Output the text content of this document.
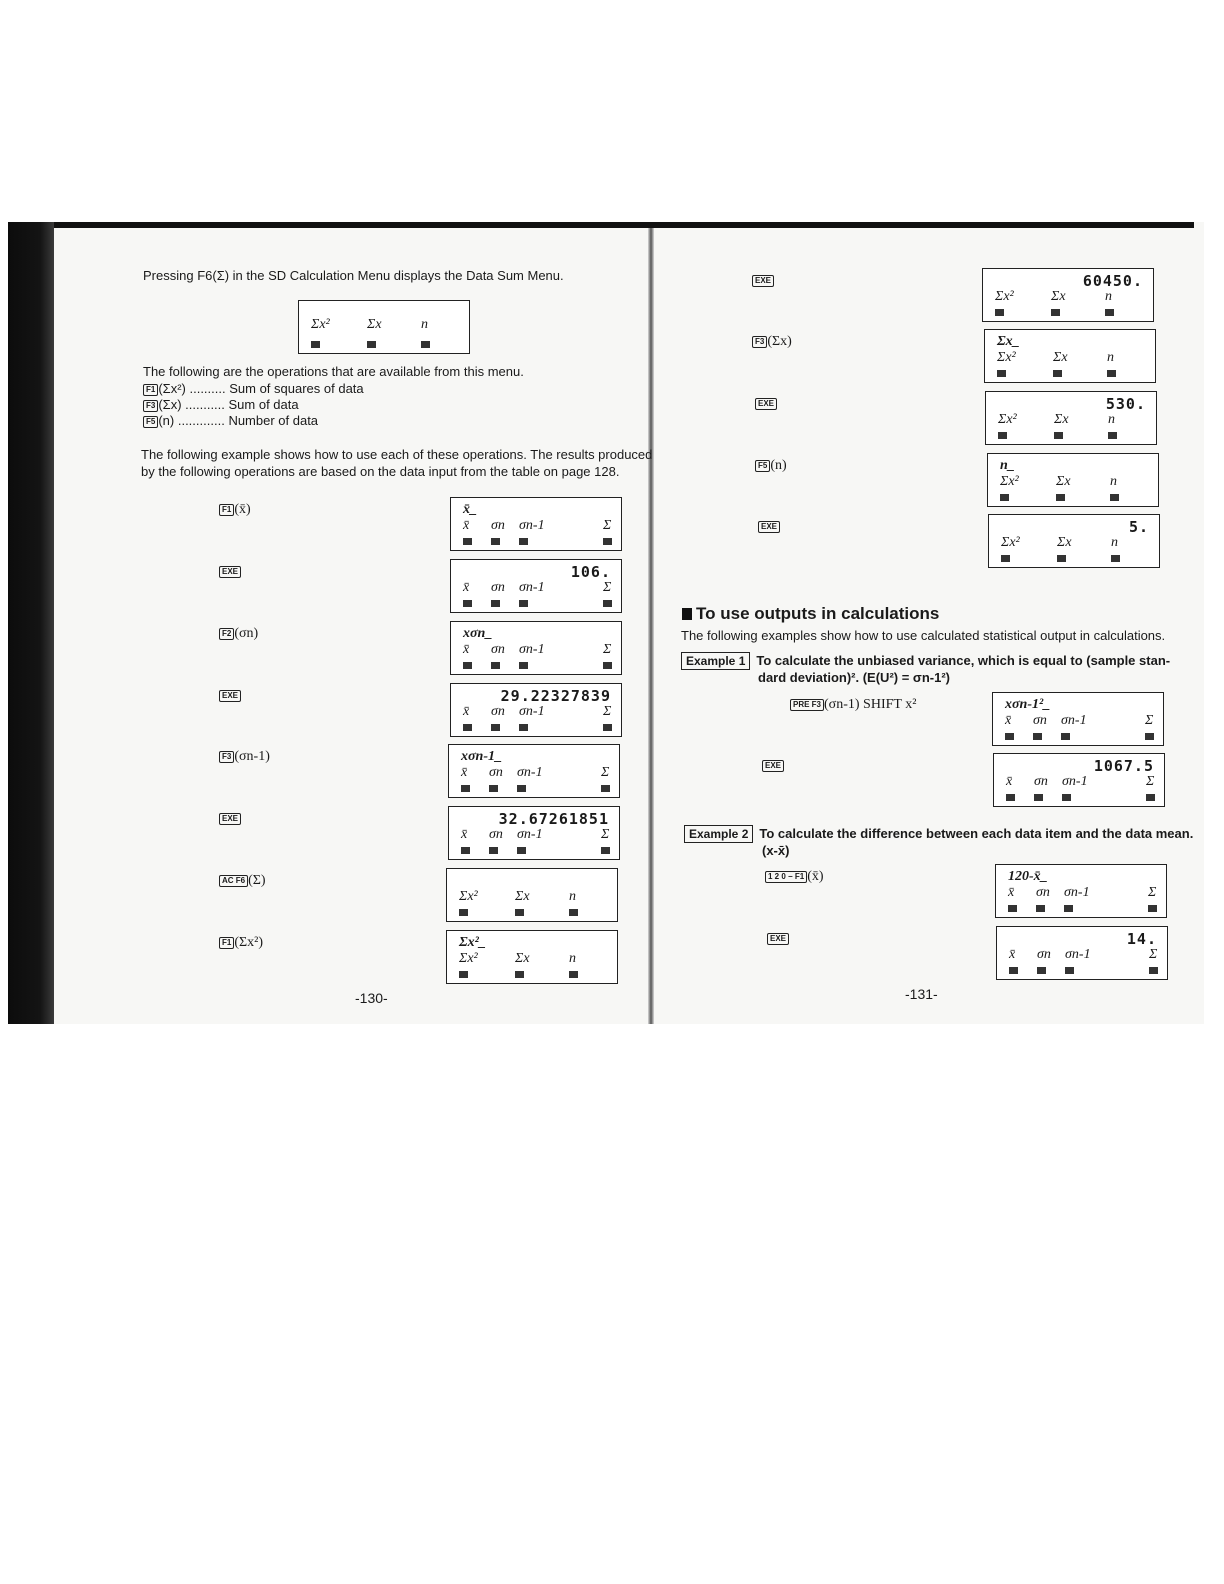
Pressing F6(Σ) in the SD Calculation Menu displays the Data Sum Menu.
Σx²	Σx	n
The following are the operations that are available from this menu.
F1 (Σx²) .......... Sum of squares of data
F3 (Σx) ........... Sum of data
F5 (n) ............. Number of data
The following example shows how to use each of these operations. The results produced
by the following operations are based on the data input from the table on page 128.
F1 (x̄)	x̄_
x̄ σn σn-1	Σ
EXE	106.
x̄ σn σn-1	Σ
F2 (σn)	xσn_
x̄ σn σn-1	Σ
EXE	29.22327839
x̄ σn σn-1	Σ
F3 (σn-1)	xσn-1_
x̄ σn σn-1	Σ
EXE	32.67261851
x̄ σn σn-1	Σ
AC F6 (Σ)
Σx²	Σx	n
F1 (Σx²)	Σx²_
Σx²	Σx	n
-130-
EXE	60450.
Σx²	Σx	n
F3 (Σx)	Σx_
Σx²	Σx	n
EXE	530.
Σx²	Σx	n
F5 (n)	n_
Σx²	Σx	n
EXE	5.
Σx²	Σx	n
PRE F3 (σn-1) SHIFT x²	xσn-1²_
x̄ σn σn-1	Σ
EXE	1067.5
x̄ σn σn-1	Σ
1 2 0 − F1 (x̄)	120-x̄_
x̄ σn σn-1	Σ
EXE	14.
x̄ σn σn-1	Σ
To use outputs in calculations
The following examples show how to use calculated statistical output in calculations.
Example 1 To calculate the unbiased variance, which is equal to (sample stan-
dard deviation)². (E(U²) = σn-1²)
Example 2 To calculate the difference between each data item and the data mean.
(x-x̄)
-131-
